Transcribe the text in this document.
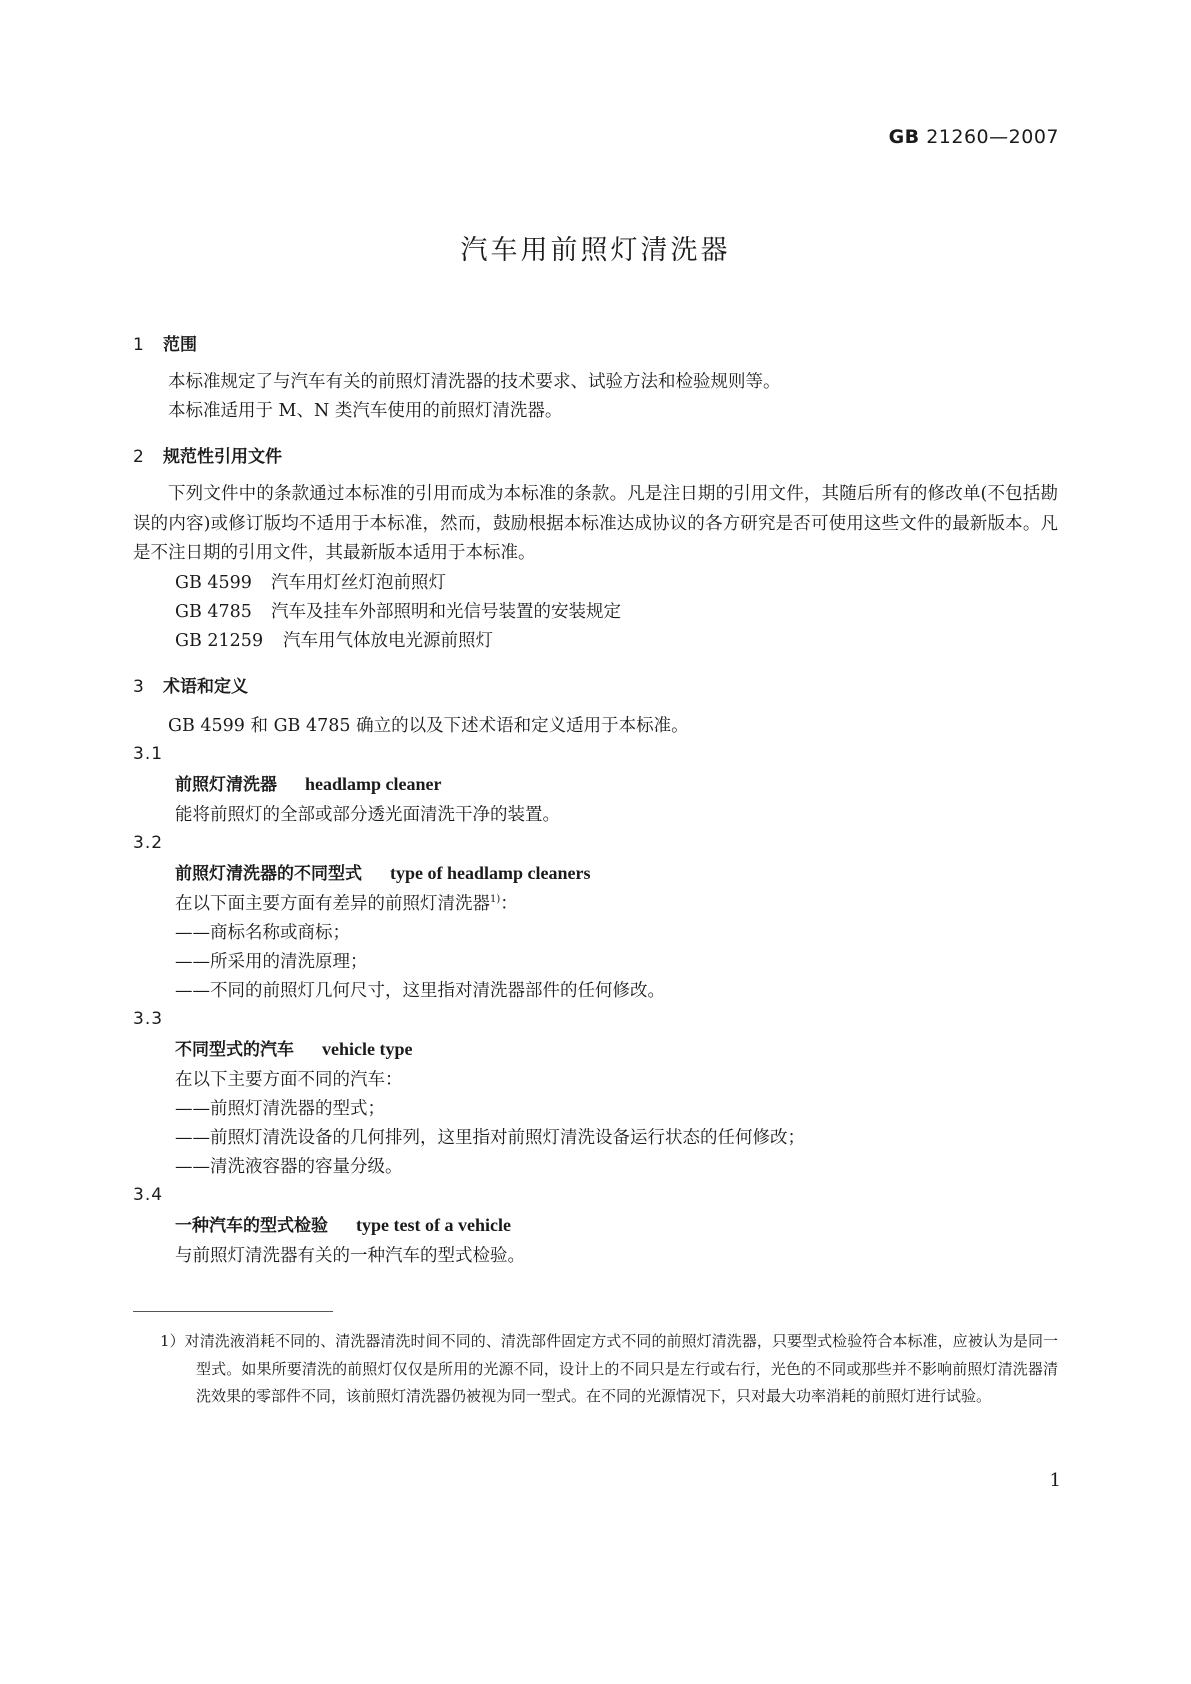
GB 21260—2007
汽车用前照灯清洗器
1 范围

本标准规定了与汽车有关的前照灯清洗器的技术要求、试验方法和检验规则等。

本标准适用于 M、N 类汽车使用的前照灯清洗器。

2 规范性引用文件

下列文件中的条款通过本标准的引用而成为本标准的条款。凡是注日期的引用文件，其随后所有的修改单(不包括勘误的内容)或修订版均不适用于本标准，然而，鼓励根据本标准达成协议的各方研究是否可使用这些文件的最新版本。凡是不注日期的引用文件，其最新版本适用于本标准。

GB 4599 汽车用灯丝灯泡前照灯

GB 4785 汽车及挂车外部照明和光信号装置的安装规定

GB 21259 汽车用气体放电光源前照灯

3 术语和定义

GB 4599 和 GB 4785 确立的以及下述术语和定义适用于本标准。

3.1

前照灯清洗器 headlamp cleaner

能将前照灯的全部或部分透光面清洗干净的装置。

3.2

前照灯清洗器的不同型式 type of headlamp cleaners

在以下面主要方面有差异的前照灯清洗器$^{1)}$：

——商标名称或商标；

——所采用的清洗原理；

——不同的前照灯几何尺寸，这里指对清洗器部件的任何修改。

3.3

不同型式的汽车 vehicle type

在以下主要方面不同的汽车：

——前照灯清洗器的型式；

——前照灯清洗设备的几何排列，这里指对前照灯清洗设备运行状态的任何修改；

——清洗液容器的容量分级。

3.4

一种汽车的型式检验 type test of a vehicle

与前照灯清洗器有关的一种汽车的型式检验。

1）对清洗液消耗不同的、清洗器清洗时间不同的、清洗部件固定方式不同的前照灯清洗器，只要型式检验符合本标准，应被认为是同一型式。如果所要清洗的前照灯仅仅是所用的光源不同，设计上的不同只是左行或右行，光色的不同或那些并不影响前照灯清洗器清洗效果的零部件不同，该前照灯清洗器仍被视为同一型式。在不同的光源情况下，只对最大功率消耗的前照灯进行试验。

1
